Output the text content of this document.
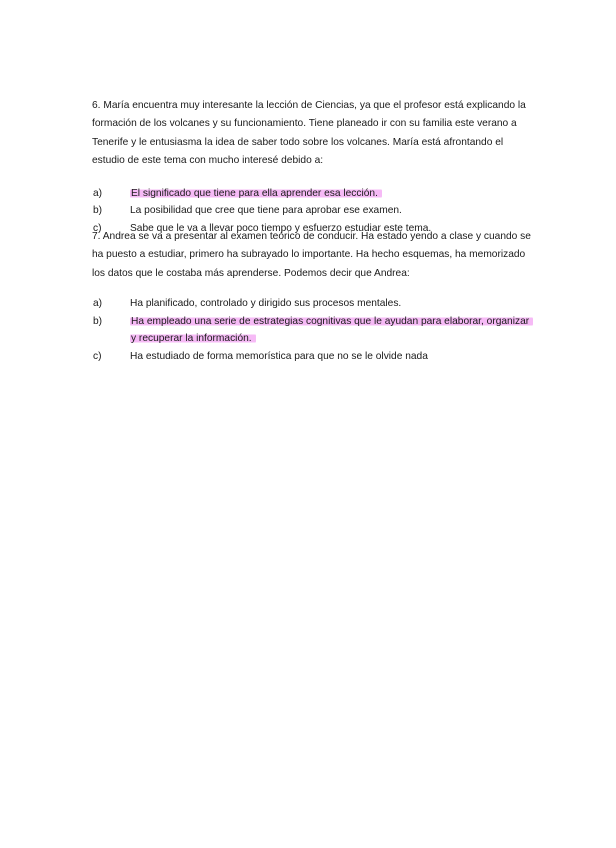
6. María encuentra muy interesante la lección de Ciencias, ya que el profesor está explicando la formación de los volcanes y su funcionamiento. Tiene planeado ir con su familia este verano a Tenerife y le entusiasma la idea de saber todo sobre los volcanes. María está afrontando el estudio de este tema con mucho interesé debido a:

a)	El significado que tiene para ella aprender esa lección.
b)	La posibilidad que cree que tiene para aprobar ese examen.
c)	Sabe que le va a llevar poco tiempo y esfuerzo estudiar este tema.

7. Andrea se va a presentar al examen teórico de conducir. Ha estado yendo a clase y cuando se ha puesto a estudiar, primero ha subrayado lo importante. Ha hecho esquemas, ha memorizado los datos que le costaba más aprenderse. Podemos decir que Andrea:

a)	Ha planificado, controlado y dirigido sus procesos mentales.
b)	Ha empleado una serie de estrategias cognitivas que le ayudan para elaborar, organizar y recuperar la información.
c)	Ha estudiado de forma memorística para que no se le olvide nada
